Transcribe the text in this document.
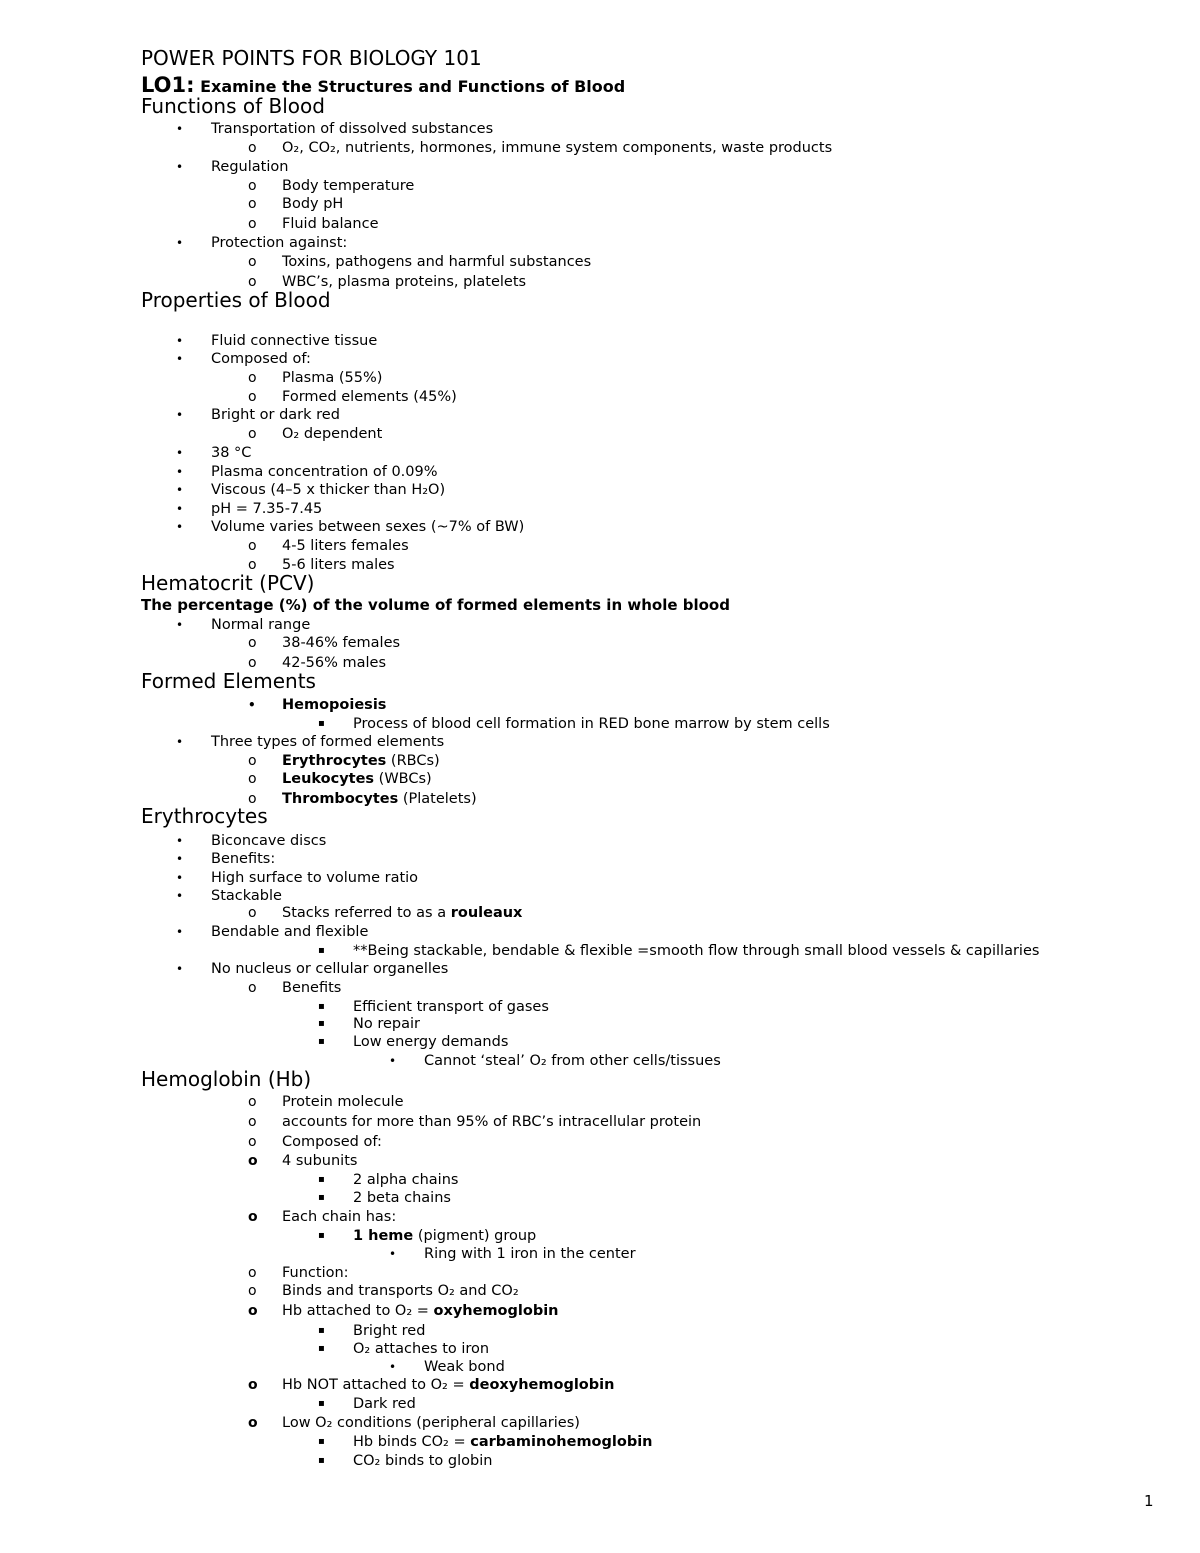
POWER POINTS FOR BIOLOGY 101
LO1: Examine the Structures and Functions of Blood
Functions of Blood
• Transportation of dissolved substances
o O₂, CO₂, nutrients, hormones, immune system components, waste products
• Regulation
o Body temperature
o Body pH
o Fluid balance
• Protection against:
o Toxins, pathogens and harmful substances
o WBC’s, plasma proteins, platelets
Properties of Blood
• Fluid connective tissue
• Composed of:
o Plasma (55%)
o Formed elements (45%)
• Bright or dark red
o O₂ dependent
• 38 °C
• Plasma concentration of 0.09%
• Viscous (4–5 x thicker than H₂O)
• pH = 7.35-7.45
• Volume varies between sexes (~7% of BW)
o 4-5 liters females
o 5-6 liters males
Hematocrit (PCV)
The percentage (%) of the volume of formed elements in whole blood
• Normal range
o 38-46% females
o 42-56% males
Formed Elements
• Hemopoiesis
▪ Process of blood cell formation in RED bone marrow by stem cells
• Three types of formed elements
o Erythrocytes (RBCs)
o Leukocytes (WBCs)
o Thrombocytes (Platelets)
Erythrocytes
• Biconcave discs
• Benefits:
• High surface to volume ratio
• Stackable
o Stacks referred to as a rouleaux
• Bendable and flexible
▪ **Being stackable, bendable & flexible =smooth flow through small blood vessels & capillaries
• No nucleus or cellular organelles
o Benefits
▪ Efficient transport of gases
▪ No repair
▪ Low energy demands
• Cannot ‘steal’ O₂ from other cells/tissues
Hemoglobin (Hb)
o Protein molecule
o accounts for more than 95% of RBC’s intracellular protein
o Composed of:
o 4 subunits
▪ 2 alpha chains
▪ 2 beta chains
o Each chain has:
▪ 1 heme (pigment) group
• Ring with 1 iron in the center
o Function:
o Binds and transports O₂ and CO₂
o Hb attached to O₂ = oxyhemoglobin
▪ Bright red
▪ O₂ attaches to iron
• Weak bond
o Hb NOT attached to O₂ = deoxyhemoglobin
▪ Dark red
o Low O₂ conditions (peripheral capillaries)
▪ Hb binds CO₂ = carbaminohemoglobin
▪ CO₂ binds to globin
1
